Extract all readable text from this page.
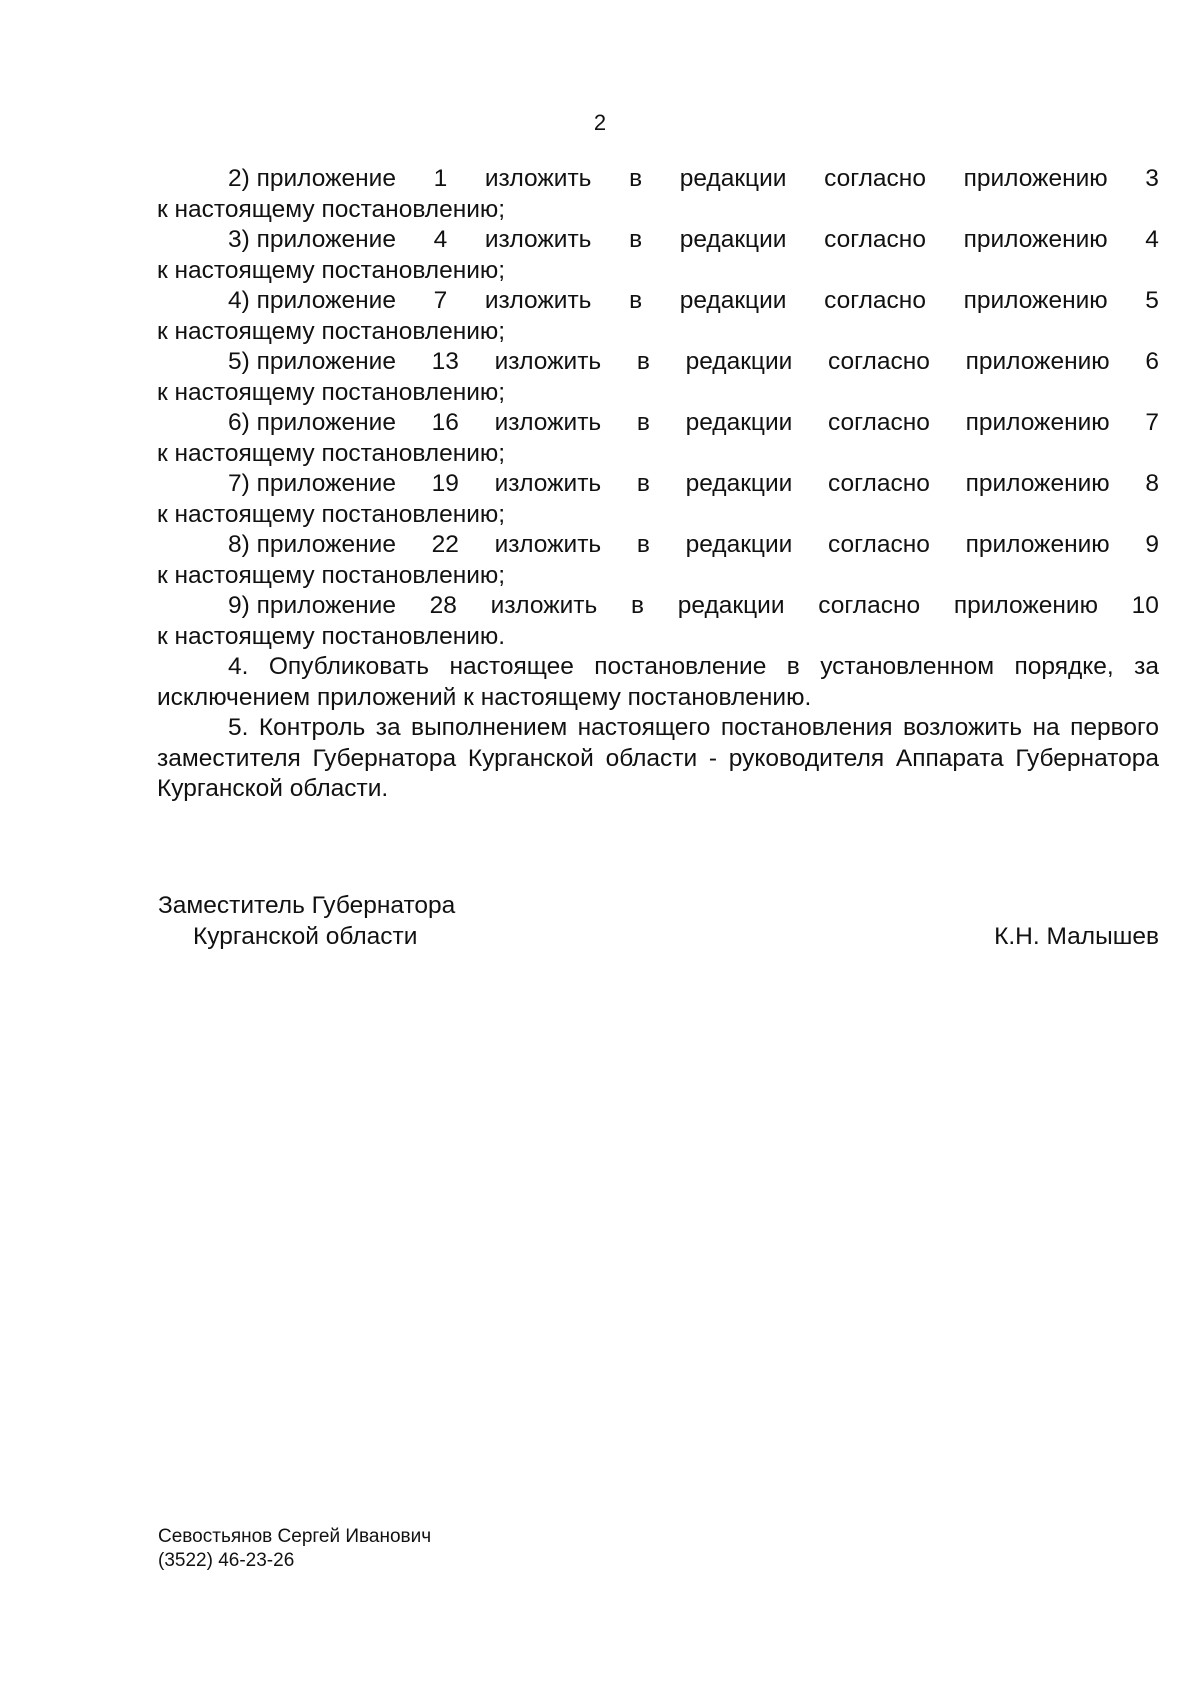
2
2) приложение 1 изложить в редакции согласно приложению 3
к настоящему постановлению;
3) приложение 4 изложить в редакции согласно приложению 4
к настоящему постановлению;
4) приложение 7 изложить в редакции согласно приложению 5
к настоящему постановлению;
5) приложение 13 изложить в редакции согласно приложению 6
к настоящему постановлению;
6) приложение 16 изложить в редакции согласно приложению 7
к настоящему постановлению;
7) приложение 19 изложить в редакции согласно приложению 8
к настоящему постановлению;
8) приложение 22 изложить в редакции согласно приложению 9
к настоящему постановлению;
9) приложение 28 изложить в редакции согласно приложению 10
к настоящему постановлению.

4. Опубликовать настоящее постановление в установленном порядке, за исключением приложений к настоящему постановлению.

5. Контроль за выполнением настоящего постановления возложить на первого заместителя Губернатора Курганской области - руководителя Аппарата Губернатора Курганской области.

Заместитель Губернатора
Курганской области	К.Н. Малышев
Севостьянов Сергей Иванович
(3522) 46-23-26
